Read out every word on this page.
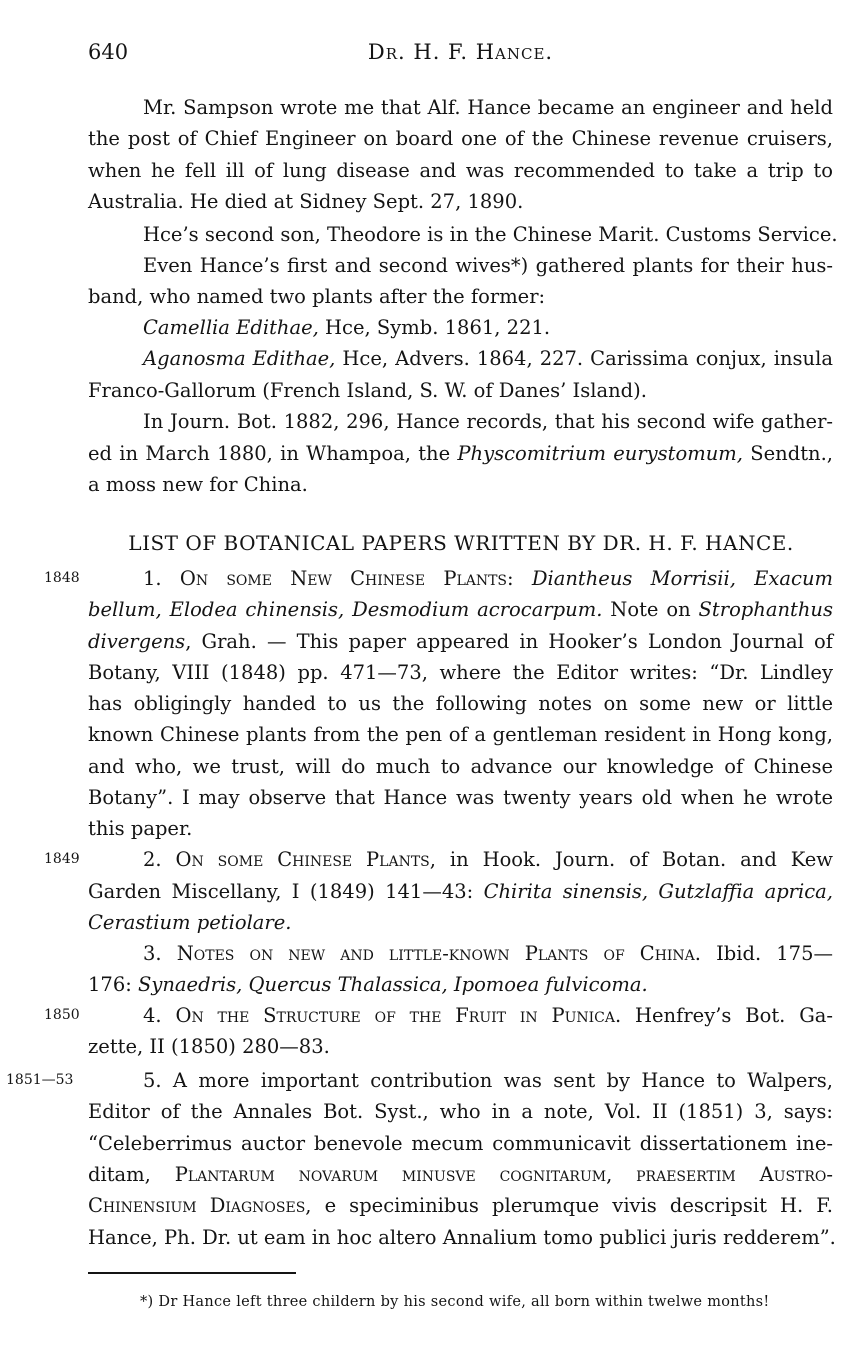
640	Dr. H. F. Hance.
Mr. Sampson wrote me that Alf. Hance became an engineer and held
the post of Chief Engineer on board one of the Chinese revenue cruisers,
when he fell ill of lung disease and was recommended to take a trip to
Australia. He died at Sidney Sept. 27, 1890.
Hce’s second son, Theodore is in the Chinese Marit. Customs Service.
Even Hance’s first and second wives*) gathered plants for their hus-
band, who named two plants after the former:
Camellia Edithae, Hce, Symb. 1861, 221.
Aganosma Edithae, Hce, Advers. 1864, 227. Carissima conjux, insula
Franco-Gallorum (French Island, S. W. of Danes’ Island).
In Journ. Bot. 1882, 296, Hance records, that his second wife gather-
ed in March 1880, in Whampoa, the Physcomitrium eurystomum, Sendtn.,
a moss new for China.
LIST OF BOTANICAL PAPERS WRITTEN BY DR. H. F. HANCE.
1848	1. On some New Chinese Plants: Diantheus Morrisii, Exacum
bellum, Elodea chinensis, Desmodium acrocarpum. Note on Strophanthus
divergens, Grah. — This paper appeared in Hooker’s London Journal of
Botany, VIII (1848) pp. 471—73, where the Editor writes: “Dr. Lindley
has obligingly handed to us the following notes on some new or little
known Chinese plants from the pen of a gentleman resident in Hong kong,
and who, we trust, will do much to advance our knowledge of Chinese
Botany”. I may observe that Hance was twenty years old when he wrote
this paper.
1849	2. On some Chinese Plants, in Hook. Journ. of Botan. and Kew
Garden Miscellany, I (1849) 141—43: Chirita sinensis, Gutzlaffia aprica,
Cerastium petiolare.
3. Notes on new and little-known Plants of China. Ibid. 175—
176: Synaedris, Quercus Thalassica, Ipomoea fulvicoma.
1850	4. On the Structure of the Fruit in Punica. Henfrey’s Bot. Ga-
zette, II (1850) 280—83.
1851—53	5. A more important contribution was sent by Hance to Walpers,
Editor of the Annales Bot. Syst., who in a note, Vol. II (1851) 3, says:
“Celeberrimus auctor benevole mecum communicavit dissertationem ine-
ditam, Plantarum novarum minusve cognitarum, praesertim Austro-
Chinensium Diagnoses, e speciminibus plerumque vivis descripsit H. F.
Hance, Ph. Dr. ut eam in hoc altero Annalium tomo publici juris redderem”.
*) Dr Hance left three childern by his second wife, all born within twelwe months!
